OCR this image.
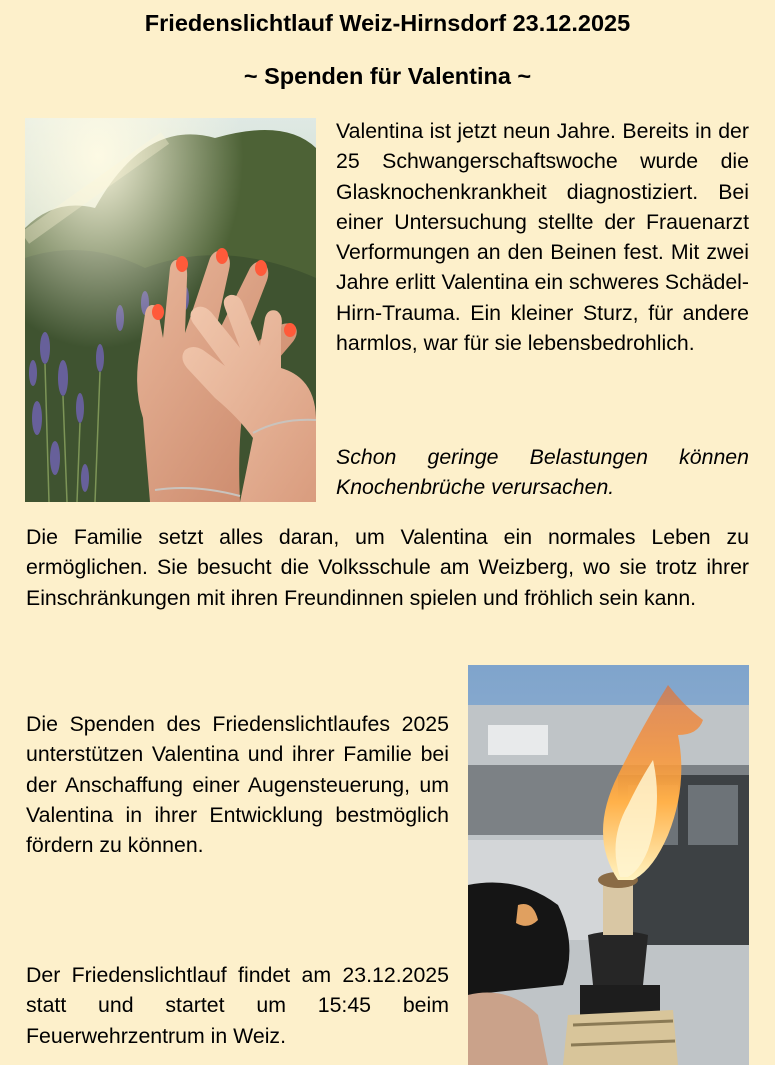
Friedenslichtlauf Weiz-Hirnsdorf 23.12.2025
~ Spenden für Valentina ~
Valentina ist jetzt neun Jahre. Bereits in der 25 Schwangerschaftswoche wurde die Glasknochenkrankheit diagnostiziert. Bei einer Untersuchung stellte der Frauenarzt Verformungen an den Beinen fest. Mit zwei Jahre erlitt Valentina ein schweres Schädel-Hirn-Trauma. Ein kleiner Sturz, für andere harmlos, war für sie lebensbedrohlich.
Schon geringe Belastungen können Knochenbrüche verursachen.
Die Familie setzt alles daran, um Valentina ein normales Leben zu ermöglichen. Sie besucht die Volksschule am Weizberg, wo sie trotz ihrer Einschränkungen mit ihren Freundinnen spielen und fröhlich sein kann.
Die Spenden des Friedenslichtlaufes 2025 unterstützen Valentina und ihrer Familie bei der Anschaffung einer Augensteuerung, um Valentina in ihrer Entwicklung bestmöglich fördern zu können.
Der Friedenslichtlauf findet am 23.12.2025 statt und startet um 15:45 beim Feuerwehrzentrum in Weiz.
